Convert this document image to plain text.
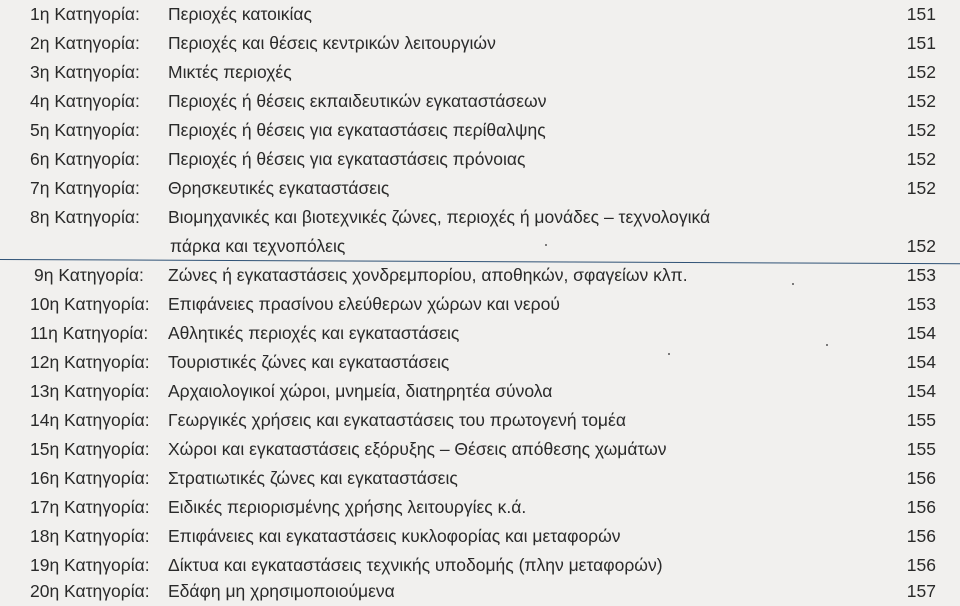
1η Κατηγορία: Περιοχές κατοικίας	151
2η Κατηγορία: Περιοχές και θέσεις κεντρικών λειτουργιών	151
3η Κατηγορία: Μικτές περιοχές	152
4η Κατηγορία: Περιοχές ή θέσεις εκπαιδευτικών εγκαταστάσεων	152
5η Κατηγορία: Περιοχές ή θέσεις για εγκαταστάσεις περίθαλψης	152
6η Κατηγορία: Περιοχές ή θέσεις για εγκαταστάσεις πρόνοιας	152
7η Κατηγορία: Θρησκευτικές εγκαταστάσεις	152
8η Κατηγορία: Βιομηχανικές και βιοτεχνικές ζώνες, περιοχές ή μονάδες – τεχνολογικά
πάρκα και τεχνοπόλεις	152
9η Κατηγορία: Ζώνες ή εγκαταστάσεις χονδρεμπορίου, αποθηκών, σφαγείων κλπ.	153
10η Κατηγορία: Επιφάνειες πρασίνου ελεύθερων χώρων και νερού	153
11η Κατηγορία: Αθλητικές περιοχές και εγκαταστάσεις	154
12η Κατηγορία: Τουριστικές ζώνες και εγκαταστάσεις	154
13η Κατηγορία: Αρχαιολογικοί χώροι, μνημεία, διατηρητέα σύνολα	154
14η Κατηγορία: Γεωργικές χρήσεις και εγκαταστάσεις του πρωτογενή τομέα	155
15η Κατηγορία: Χώροι και εγκαταστάσεις εξόρυξης – Θέσεις απόθεσης χωμάτων	155
16η Κατηγορία: Στρατιωτικές ζώνες και εγκαταστάσεις	156
17η Κατηγορία: Ειδικές περιορισμένης χρήσης λειτουργίες κ.ά.	156
18η Κατηγορία: Επιφάνειες και εγκαταστάσεις κυκλοφορίας και μεταφορών	156
19η Κατηγορία: Δίκτυα και εγκαταστάσεις τεχνικής υποδομής (πλην μεταφορών)	156
20η Κατηγορία: Εδάφη μη χρησιμοποιούμενα	157
